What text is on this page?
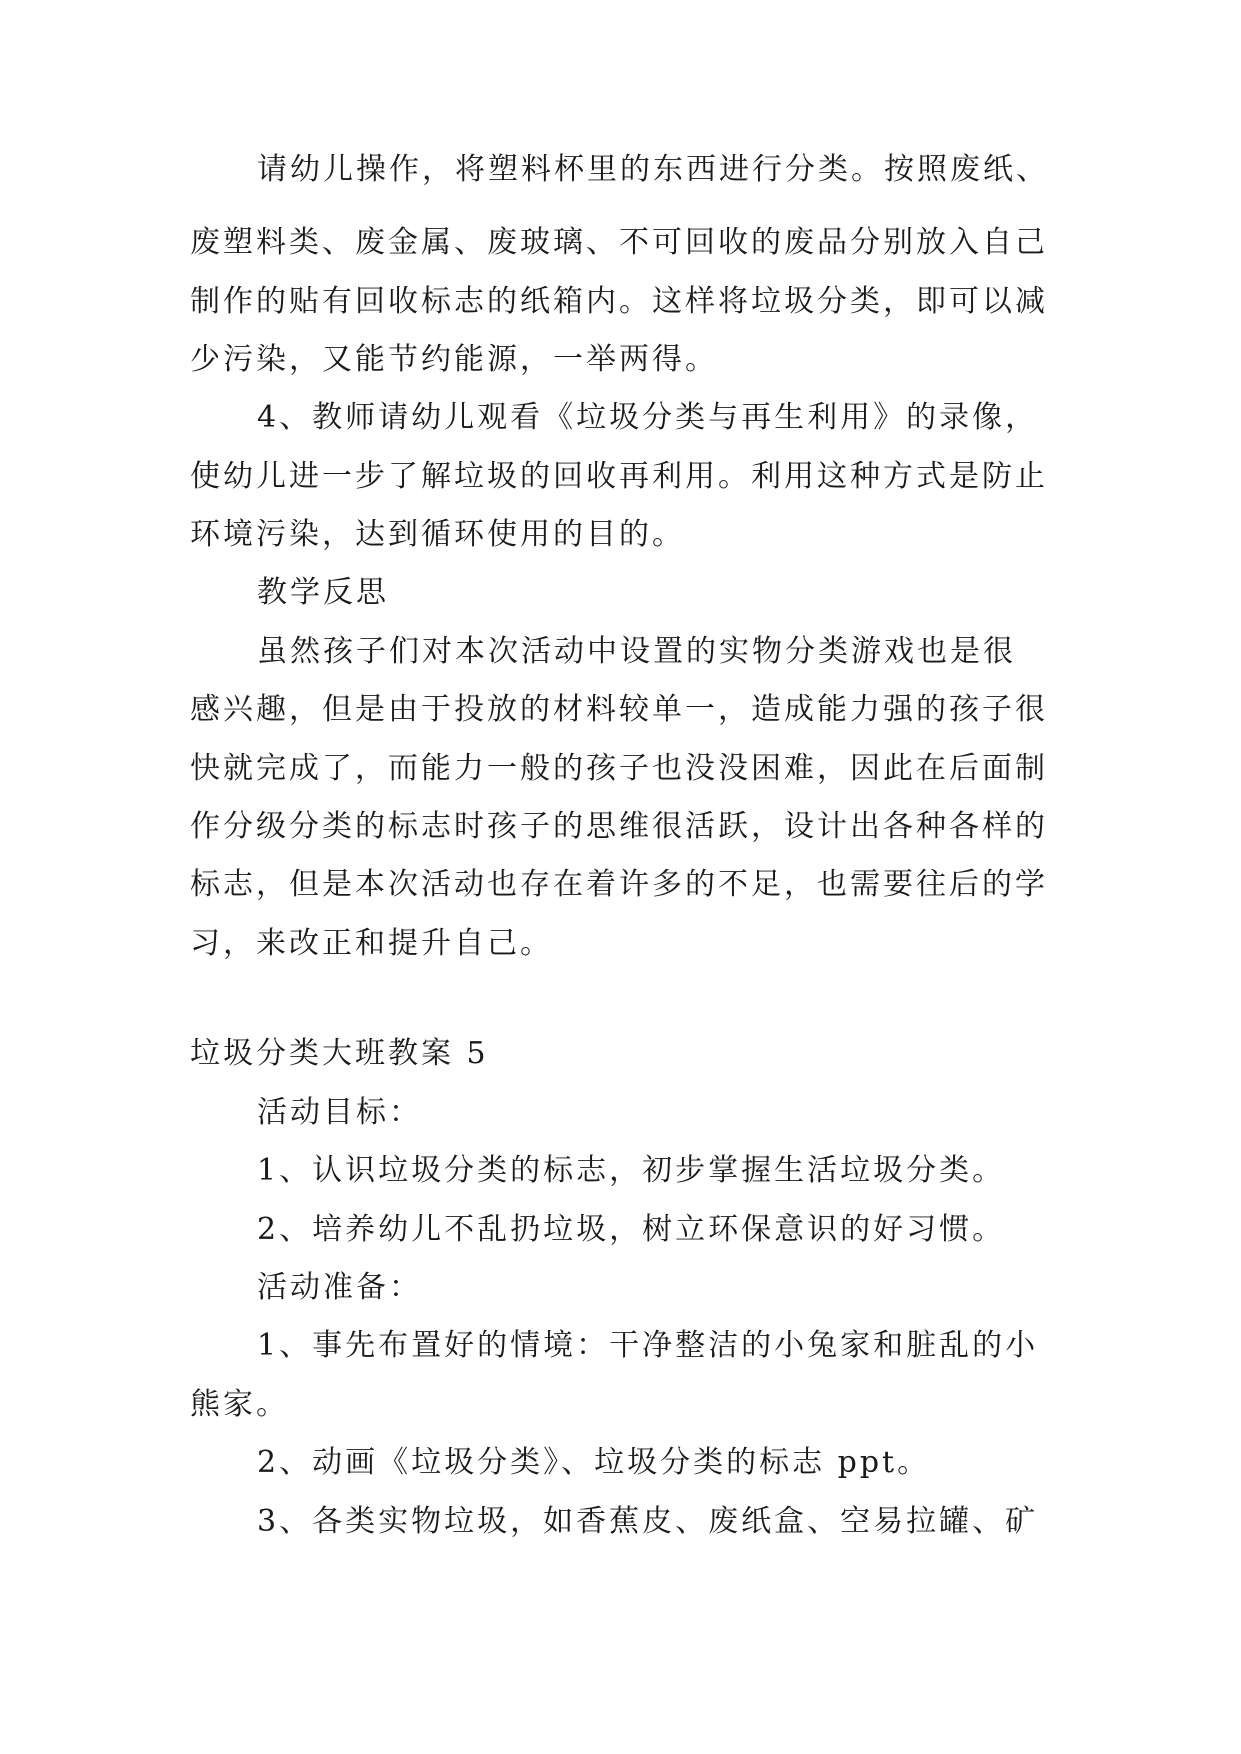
请幼儿操作，将塑料杯里的东西进行分类。按照废纸、
废塑料类、废金属、废玻璃、不可回收的废品分别放入自己
制作的贴有回收标志的纸箱内。这样将垃圾分类，即可以减
少污染，又能节约能源，一举两得。
4、教师请幼儿观看《垃圾分类与再生利用》的录像，
使幼儿进一步了解垃圾的回收再利用。利用这种方式是防止
环境污染，达到循环使用的目的。
教学反思
虽然孩子们对本次活动中设置的实物分类游戏也是很
感兴趣，但是由于投放的材料较单一，造成能力强的孩子很
快就完成了，而能力一般的孩子也没没困难，因此在后面制
作分级分类的标志时孩子的思维很活跃，设计出各种各样的
标志，但是本次活动也存在着许多的不足，也需要往后的学
习，来改正和提升自己。
垃圾分类大班教案 5
活动目标：
1、认识垃圾分类的标志，初步掌握生活垃圾分类。
2、培养幼儿不乱扔垃圾，树立环保意识的好习惯。
活动准备：
1、事先布置好的情境：干净整洁的小兔家和脏乱的小
熊家。
2、动画《垃圾分类》、垃圾分类的标志 ppt。
3、各类实物垃圾，如香蕉皮、废纸盒、空易拉罐、矿
